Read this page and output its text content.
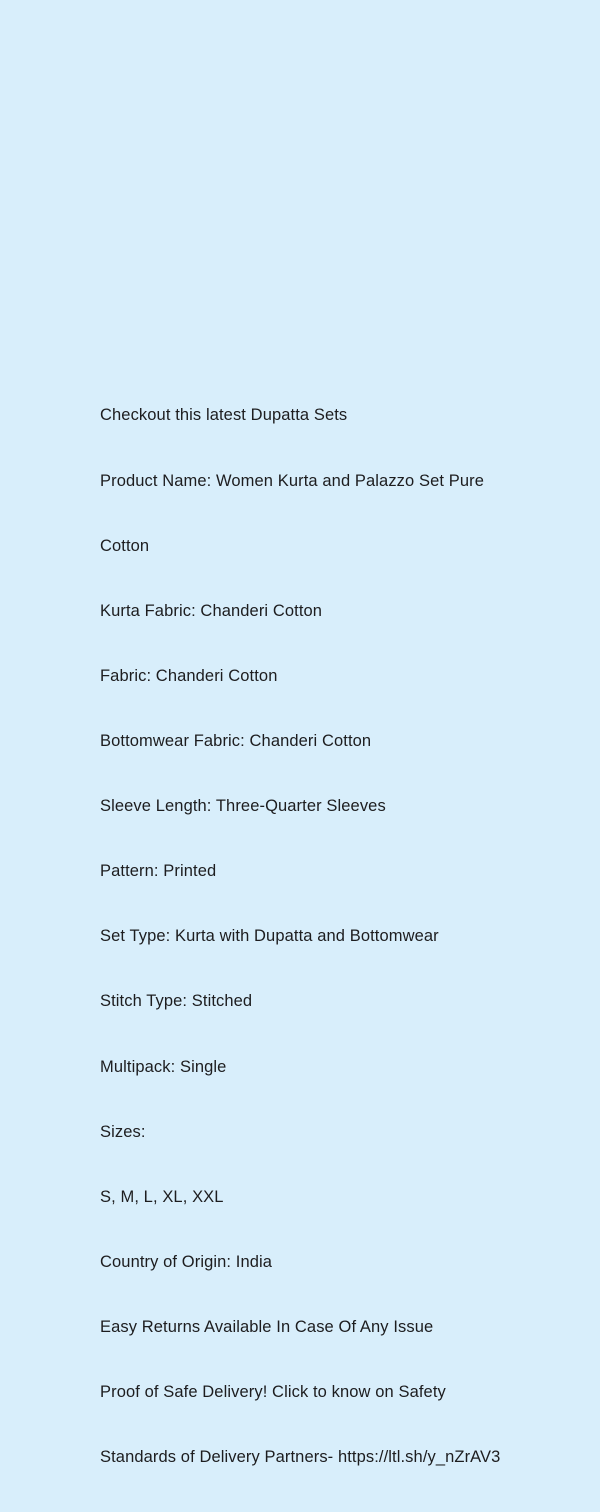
Checkout this latest Dupatta Sets

Product Name: Women Kurta and Palazzo Set Pure

Cotton

Kurta Fabric: Chanderi Cotton

Fabric: Chanderi Cotton

Bottomwear Fabric: Chanderi Cotton

Sleeve Length: Three-Quarter Sleeves

Pattern: Printed

Set Type: Kurta with Dupatta and Bottomwear

Stitch Type: Stitched

Multipack: Single

Sizes:

S, M, L, XL, XXL

Country of Origin: India

Easy Returns Available In Case Of Any Issue

Proof of Safe Delivery! Click to know on Safety

Standards of Delivery Partners- https://ltl.sh/y_nZrAV3
